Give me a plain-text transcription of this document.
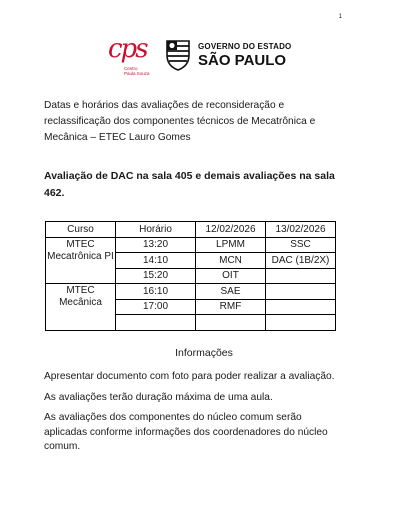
1
cps
Centro
Paula Souza
GOVERNO DO ESTADO
SÃO PAULO

Datas e horários das avaliações de reconsideração e reclassificação dos componentes técnicos de Mecatrônica e Mecânica – ETEC Lauro Gomes

Avaliação de DAC na sala 405 e demais avaliações na sala 462.

Curso	Horário	12/02/2026	13/02/2026
MTEC Mecatrônica PI	13:20	LPMM	SSC
	14:10	MCN	DAC (1B/2X)
	15:20	OIT	
MTEC Mecânica	16:10	SAE	
	17:00	RMF	

Informações

Apresentar documento com foto para poder realizar a avaliação.

As avaliações terão duração máxima de uma aula.

As avaliações dos componentes do núcleo comum serão aplicadas conforme informações dos coordenadores do núcleo comum.
